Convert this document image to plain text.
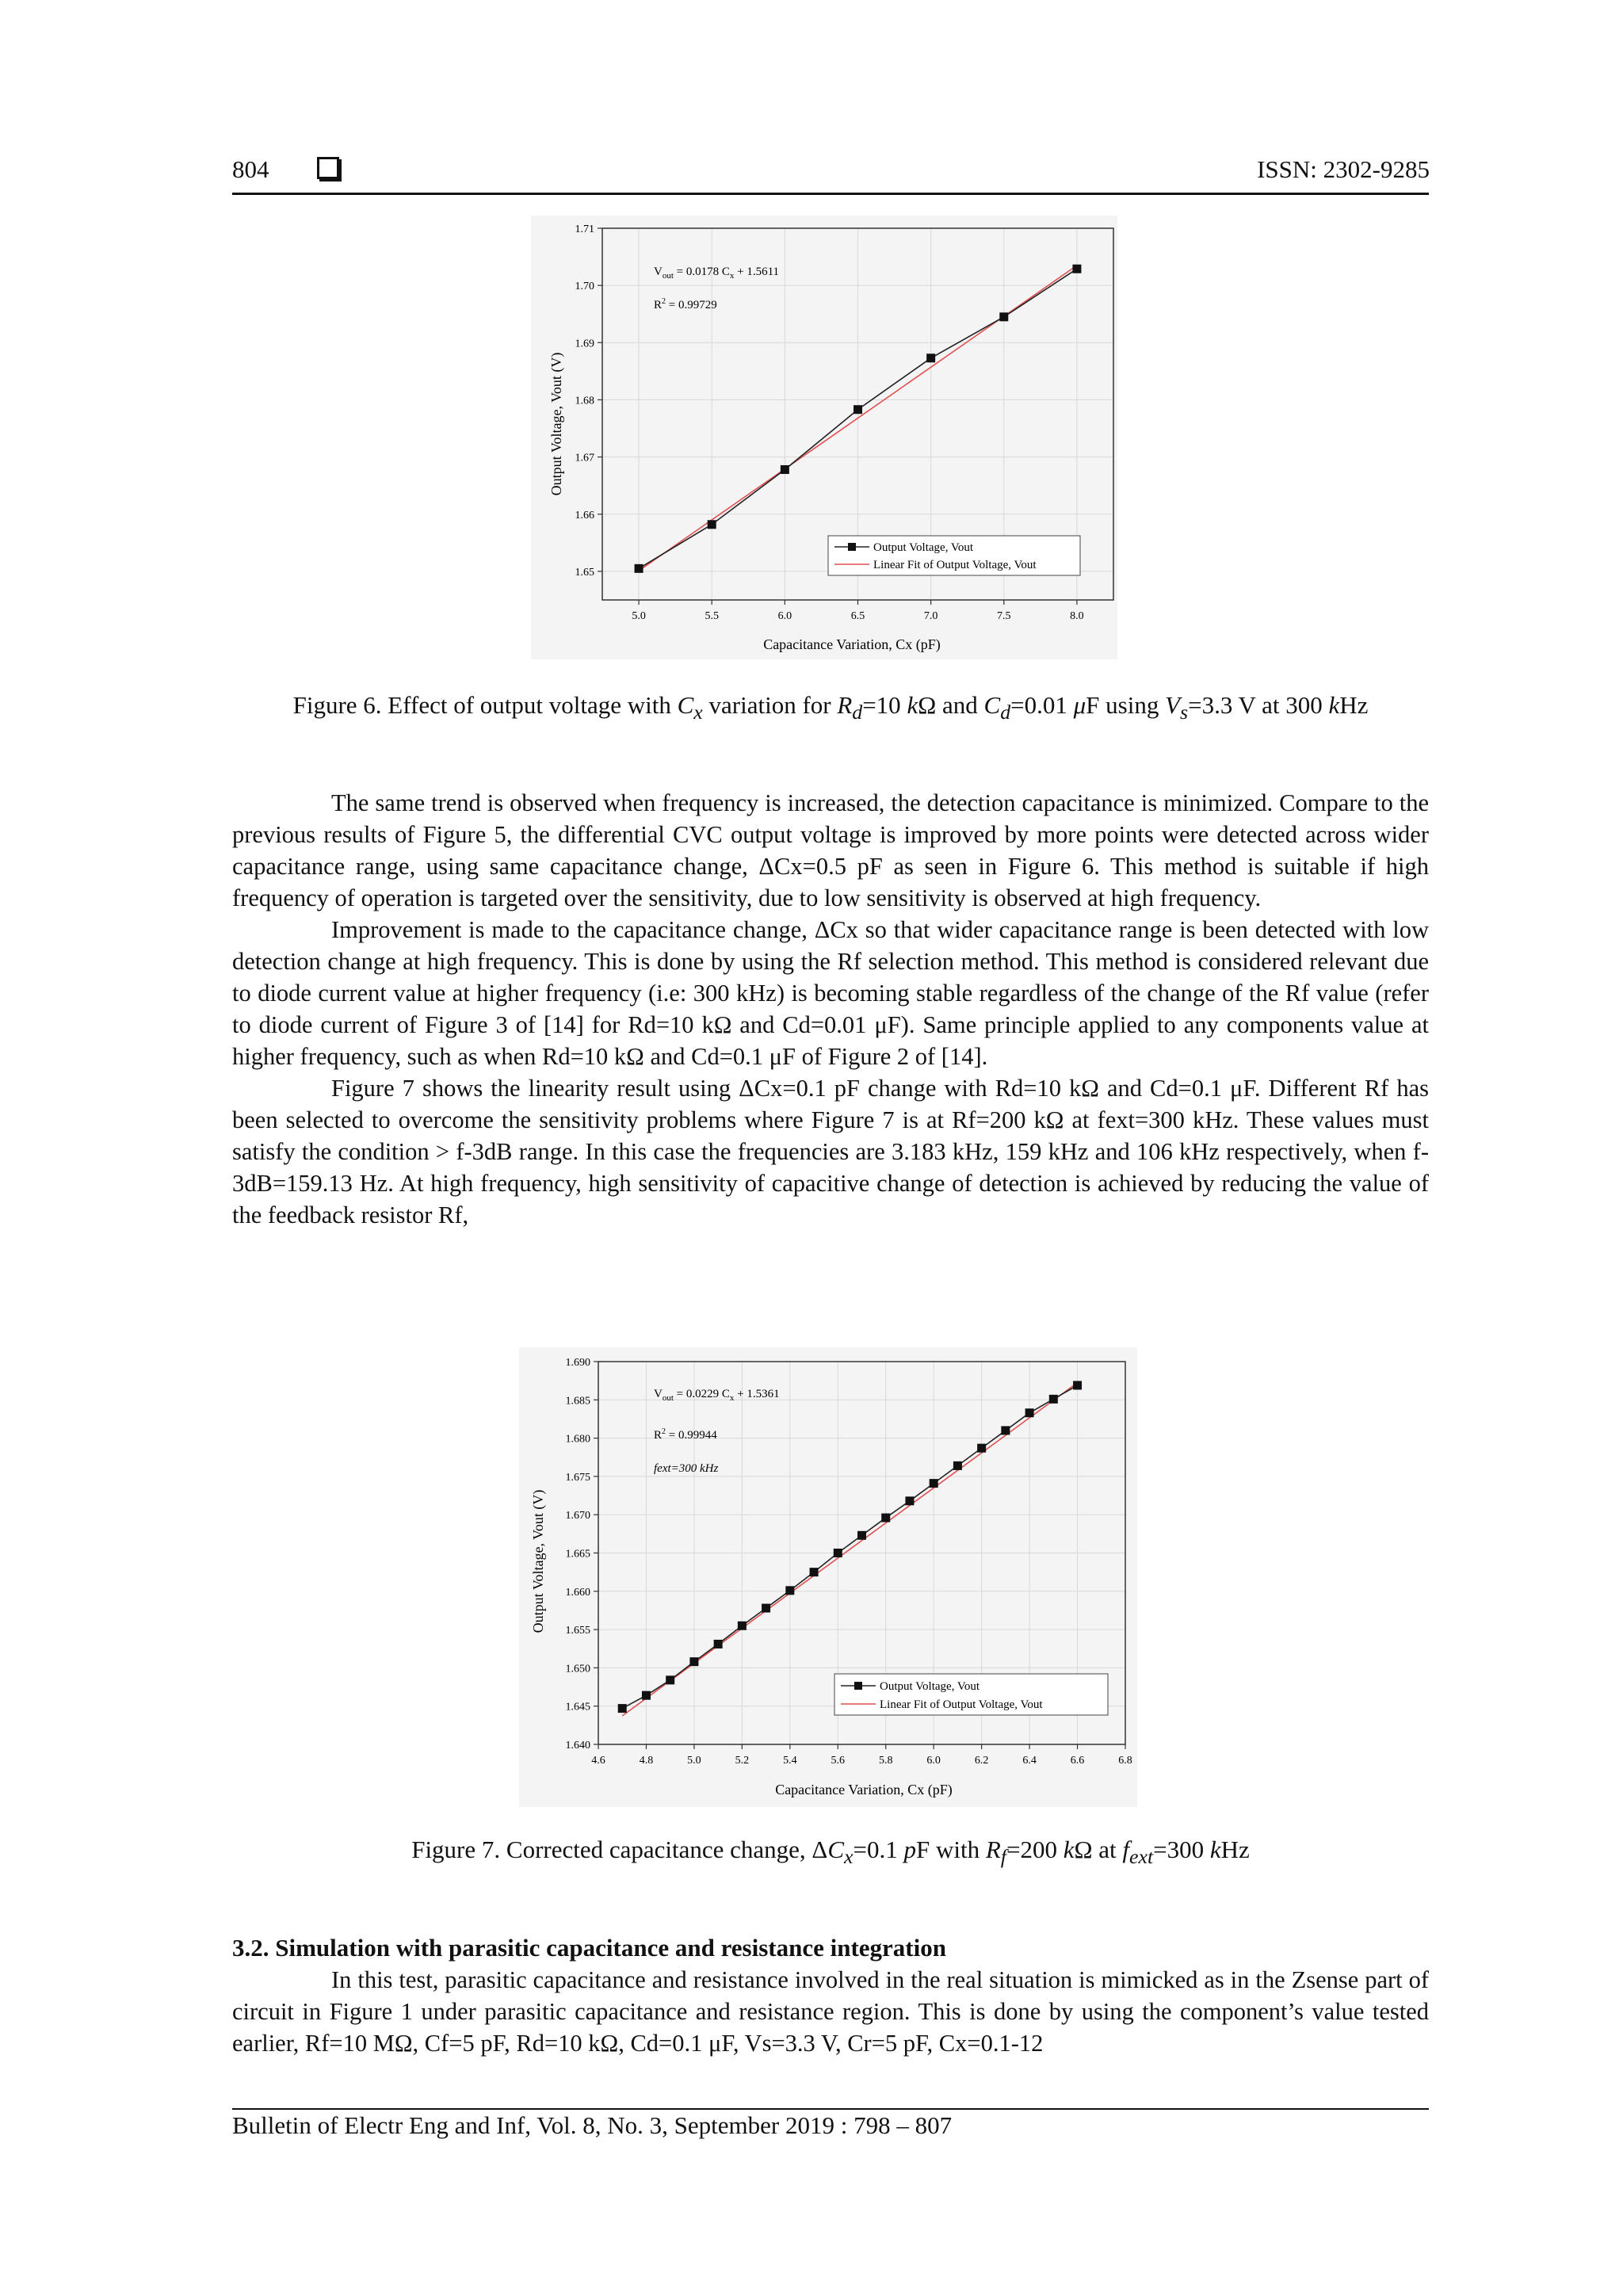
804	ISSN: 2302-9285
5.0	5.5	6.0	6.5	7.0	7.5	8.0
1.65
1.66
1.67
1.68
1.69
1.70
1.71
$V_{out} = 0.0178$ $C_x + 1.5611$
$R^2 = 0.99729$
Output Voltage, Vout
Linear Fit of Output Voltage, Vout
Capacitance Variation, Cx (pF)
Output Voltage, Vout (V)
Figure 6. Effect of output voltage with $C_x$ variation for $R_d=10$ kΩ and $C_d=0.01$ μF using $V_s=3.3$ V at 300 kHz

The same trend is observed when frequency is increased, the detection capacitance is minimized. Compare to the previous results of Figure 5, the differential CVC output voltage is improved by more points were detected across wider capacitance range, using same capacitance change, ΔCx=0.5 pF as seen in Figure 6. This method is suitable if high frequency of operation is targeted over the sensitivity, due to low sensitivity is observed at high frequency.

Improvement is made to the capacitance change, ΔCx so that wider capacitance range is been detected with low detection change at high frequency. This is done by using the Rf selection method. This method is considered relevant due to diode current value at higher frequency (i.e: 300 kHz) is becoming stable regardless of the change of the Rf value (refer to diode current of Figure 3 of [14] for Rd=10 kΩ and Cd=0.01 μF). Same principle applied to any components value at higher frequency, such as when Rd=10 kΩ and Cd=0.1 μF of Figure 2 of [14].

Figure 7 shows the linearity result using ΔCx=0.1 pF change with Rd=10 kΩ and Cd=0.1 μF. Different Rf has been selected to overcome the sensitivity problems where Figure 7 is at Rf=200 kΩ at fext=300 kHz. These values must satisfy the condition > f-3dB range. In this case the frequencies are 3.183 kHz, 159 kHz and 106 kHz respectively, when f-3dB=159.13 Hz. At high frequency, high sensitivity of capacitive change of detection is achieved by reducing the value of the feedback resistor Rf,

4.6	4.8	5.0	5.2	5.4	5.6	5.8	6.0	6.2	6.4	6.6	6.8
1.640
1.645
1.650
1.655
1.660
1.665
1.670
1.675
1.680
1.685
1.690
$V_{out} = 0.0229$ $C_x + 1.5361$
$R^2 = 0.99944$
fext=300 kHz
Output Voltage, Vout
Linear Fit of Output Voltage, Vout
Capacitance Variation, Cx (pF)
Output Voltage, Vout (V)
Figure 7. Corrected capacitance change, $\Delta C_x=0.1$ pF with $R_f=200$ kΩ at $f_{ext}=300$ kHz
3.2. Simulation with parasitic capacitance and resistance integration

In this test, parasitic capacitance and resistance involved in the real situation is mimicked as in the Zsense part of circuit in Figure 1 under parasitic capacitance and resistance region. This is done by using the component’s value tested earlier, Rf=10 MΩ, Cf=5 pF, Rd=10 kΩ, Cd=0.1 μF, Vs=3.3 V, Cr=5 pF, Cx=0.1-12

Bulletin of Electr Eng and Inf, Vol. 8, No. 3, September 2019 : 798 – 807
